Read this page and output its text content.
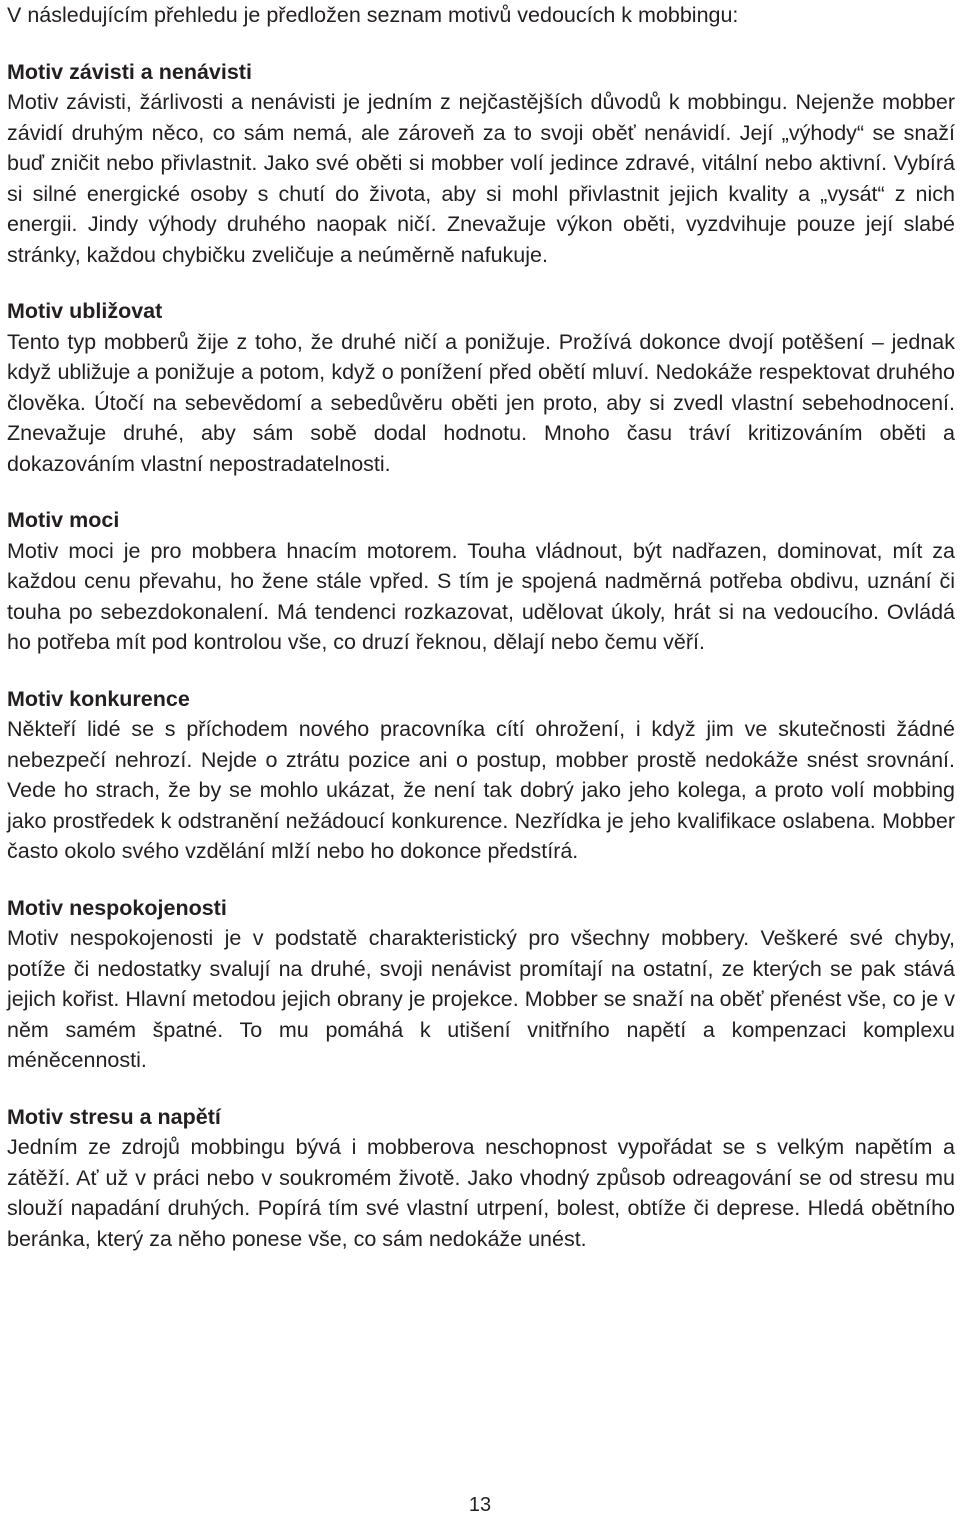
V následujícím přehledu je předložen seznam motivů vedoucích k mobbingu:

Motiv závisti a nenávisti

Motiv závisti, žárlivosti a nenávisti je jedním z nejčastějších důvodů k mobbingu. Nejenže mobber závidí druhým něco, co sám nemá, ale zároveň za to svoji oběť nenávidí. Její „výhody“ se snaží buď zničit nebo přivlastnit. Jako své oběti si mobber volí jedince zdravé, vitální nebo aktivní. Vybírá si silné energické osoby s chutí do života, aby si mohl přivlastnit jejich kvality a „vysát“ z nich energii. Jindy výhody druhého naopak ničí. Znevažuje výkon oběti, vyzdvihuje pouze její slabé stránky, každou chybičku zveličuje a neúměrně nafukuje.

Motiv ubližovat

Tento typ mobberů žije z toho, že druhé ničí a ponižuje. Prožívá dokonce dvojí potěšení – jednak když ubližuje a ponižuje a potom, když o ponížení před obětí mluví. Nedokáže respektovat druhého člověka. Útočí na sebevědomí a sebedůvěru oběti jen proto, aby si zvedl vlastní sebehodnocení. Znevažuje druhé, aby sám sobě dodal hodnotu. Mnoho času tráví kritizováním oběti a dokazováním vlastní nepostradatelnosti.

Motiv moci

Motiv moci je pro mobbera hnacím motorem. Touha vládnout, být nadřazen, dominovat, mít za každou cenu převahu, ho žene stále vpřed. S tím je spojená nadměrná potřeba obdivu, uznání či touha po sebezdokonalení. Má tendenci rozkazovat, udělovat úkoly, hrát si na vedoucího. Ovládá ho potřeba mít pod kontrolou vše, co druzí řeknou, dělají nebo čemu věří.

Motiv konkurence

Někteří lidé se s příchodem nového pracovníka cítí ohrožení, i když jim ve skutečnosti žádné nebezpečí nehrozí. Nejde o ztrátu pozice ani o postup, mobber prostě nedokáže snést srovnání. Vede ho strach, že by se mohlo ukázat, že není tak dobrý jako jeho kolega, a proto volí mobbing jako prostředek k odstranění nežádoucí konkurence. Nezřídka je jeho kvalifikace oslabena. Mobber často okolo svého vzdělání mlží nebo ho dokonce předstírá.

Motiv nespokojenosti

Motiv nespokojenosti je v podstatě charakteristický pro všechny mobbery. Veškeré své chyby, potíže či nedostatky svalují na druhé, svoji nenávist promítají na ostatní, ze kterých se pak stává jejich kořist. Hlavní metodou jejich obrany je projekce. Mobber se snaží na oběť přenést vše, co je v něm samém špatné. To mu pomáhá k utišení vnitřního napětí a kompenzaci komplexu méněcennosti.

Motiv stresu a napětí

Jedním ze zdrojů mobbingu bývá i mobberova neschopnost vypořádat se s velkým napětím a zátěží. Ať už v práci nebo v soukromém životě. Jako vhodný způsob odreagování se od stresu mu slouží napadání druhých. Popírá tím své vlastní utrpení, bolest, obtíže či deprese. Hledá obětního beránka, který za něho ponese vše, co sám nedokáže unést.

13
